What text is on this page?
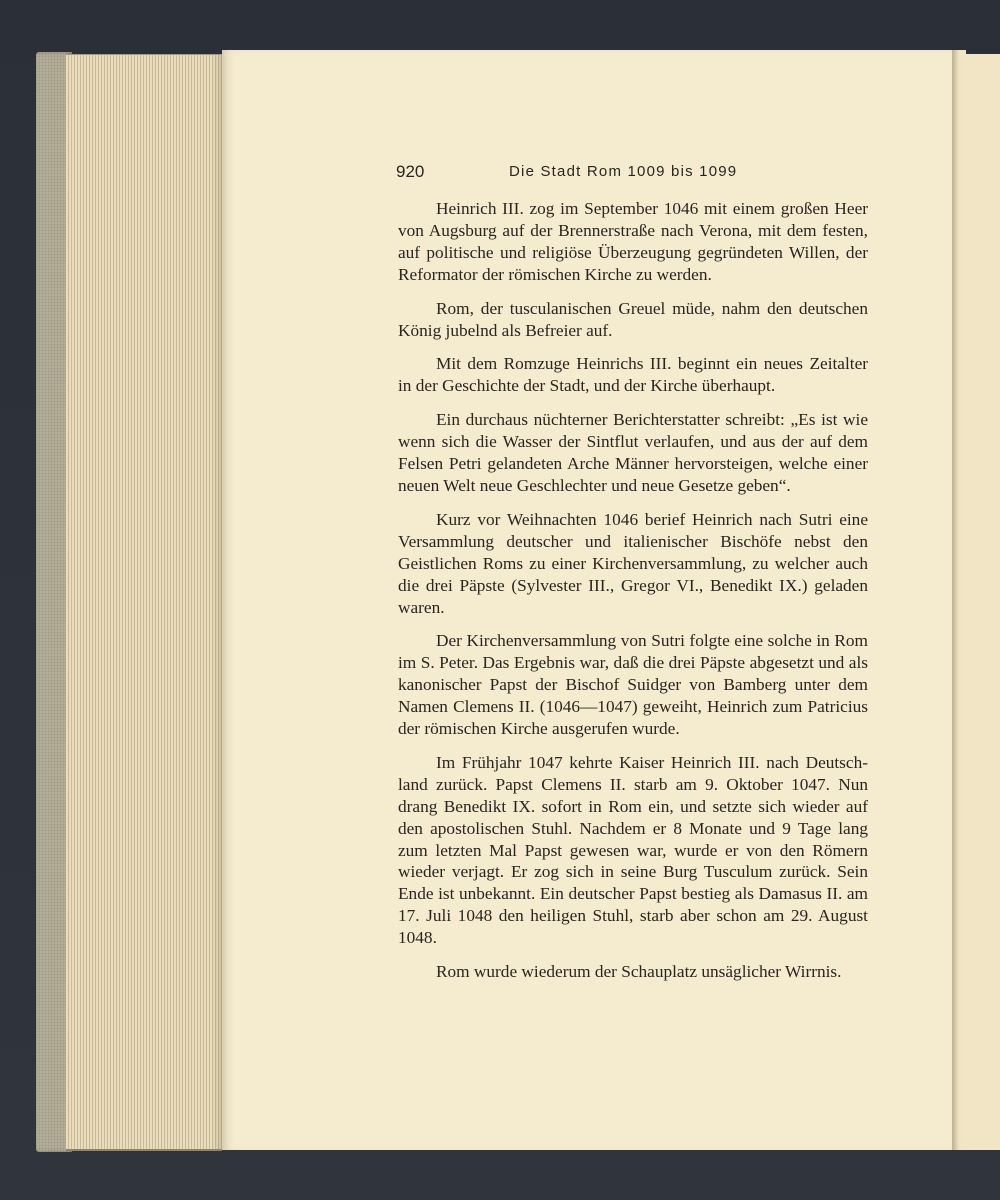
920	Die Stadt Rom 1009 bis 1099

Heinrich III. zog im September 1046 mit einem großen Heer von Augsburg auf der Brennerstraße nach Verona, mit dem festen, auf politische und religiöse Überzeugung gegründeten Willen, der Reformator der römischen Kirche zu werden.

Rom, der tusculanischen Greuel müde, nahm den deutschen König jubelnd als Befreier auf.

Mit dem Romzuge Heinrichs III. beginnt ein neues Zeitalter in der Geschichte der Stadt, und der Kirche überhaupt.

Ein durchaus nüchterner Berichterstatter schreibt: „Es ist wie wenn sich die Wasser der Sintflut verlaufen, und aus der auf dem Felsen Petri gelandeten Arche Männer hervorsteigen, welche einer neuen Welt neue Geschlechter und neue Gesetze geben“.

Kurz vor Weihnachten 1046 berief Heinrich nach Sutri eine Versammlung deutscher und italienischer Bischöfe nebst den Geistlichen Roms zu einer Kirchenversammlung, zu welcher auch die drei Päpste (Sylvester III., Gregor VI., Benedikt IX.) geladen waren.

Der Kirchenversammlung von Sutri folgte eine solche in Rom im S. Peter. Das Ergebnis war, daß die drei Päpste abgesetzt und als kanonischer Papst der Bischof Suidger von Bamberg unter dem Namen Clemens II. (1046—1047) geweiht, Heinrich zum Patricius der römischen Kirche ausgerufen wurde.

Im Frühjahr 1047 kehrte Kaiser Heinrich III. nach Deutschland zurück. Papst Clemens II. starb am 9. Oktober 1047. Nun drang Benedikt IX. sofort in Rom ein, und setzte sich wieder auf den apostolischen Stuhl. Nachdem er 8 Monate und 9 Tage lang zum letzten Mal Papst gewesen war, wurde er von den Römern wieder verjagt. Er zog sich in seine Burg Tusculum zurück. Sein Ende ist unbekannt. Ein deutscher Papst bestieg als Damasus II. am 17. Juli 1048 den heiligen Stuhl, starb aber schon am 29. August 1048.

Rom wurde wiederum der Schauplatz unsäglicher Wirrnis.
